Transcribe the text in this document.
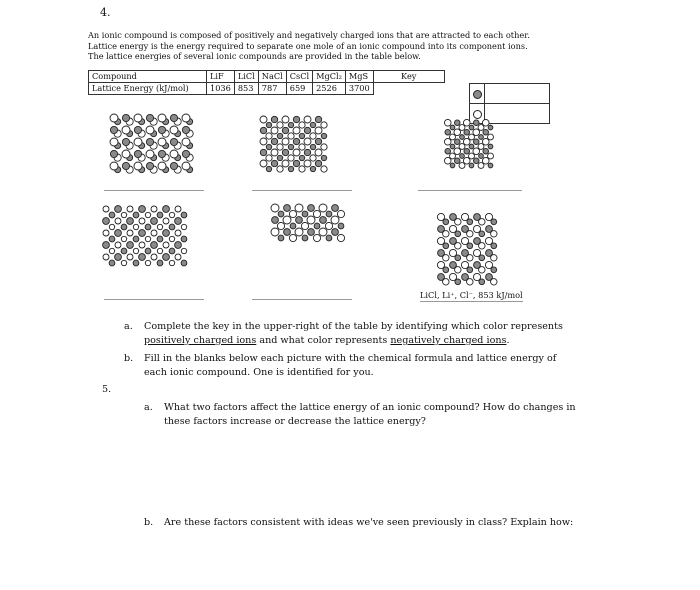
4.
An ionic compound is composed of positively and negatively charged ions that are attracted to each other. Lattice energy is the energy required to separate one mole of an ionic compound into its component ions. The lattice energies of several ionic compounds are provided in the table below.
Compound	LiF	LiCl	NaCl	CsCl	MgCl₂	MgS	Key
Lattice Energy (kJ/mol)	1036	853	787	659	2526	3700	

LiCl, Li⁺, Cl⁻, 853 kJ/mol
a. Complete the key in the upper-right of the table by identifying which color represents
positively charged ions and what color represents negatively charged ions.
b. Fill in the blanks below each picture with the chemical formula and lattice energy of
each ionic compound. One is identified for you.
5.
a. What two factors affect the lattice energy of an ionic compound? How do changes in
these factors increase or decrease the lattice energy?
b. Are these factors consistent with ideas we've seen previously in class? Explain how:
